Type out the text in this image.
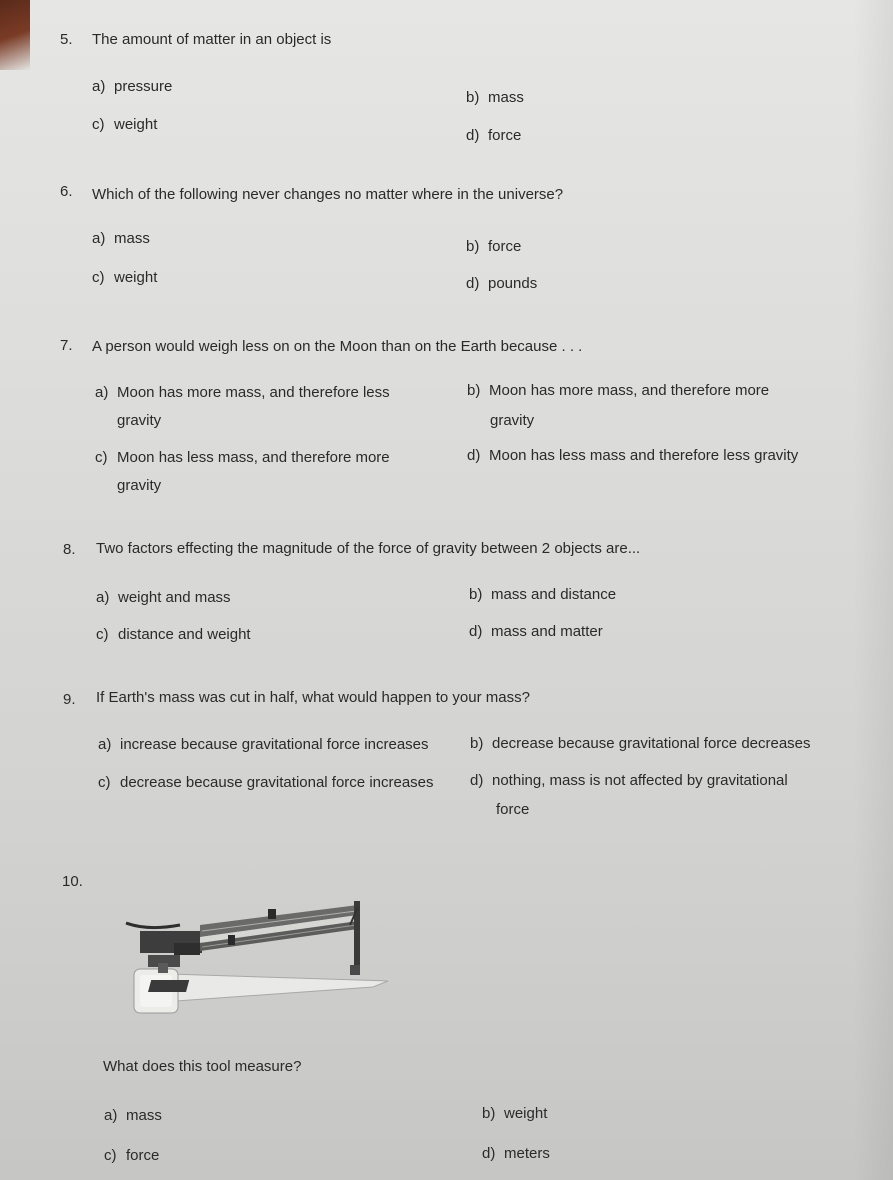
5. The amount of matter in an object is
a) pressure
b) mass
c) weight
d) force
6. Which of the following never changes no matter where in the universe?
a) mass	b) force
c) weight	d) pounds
7. A person would weigh less on on the Moon than on the Earth because . . .
a) Moon has more mass, and therefore less
gravity
b) Moon has more mass, and therefore more
gravity
c) Moon has less mass, and therefore more
gravity
d) Moon has less mass and therefore less gravity
8. Two factors effecting the magnitude of the force of gravity between 2 objects are...
a) weight and mass	b) mass and distance
c) distance and weight	d) mass and matter
9. If Earth's mass was cut in half, what would happen to your mass?
a) increase because gravitational force increases	b) decrease because gravitational force decreases
c) decrease because gravitational force increases d) nothing, mass is not affected by gravitational
force
10.
What does this tool measure?
a) mass	b) weight
c) force	d) meters
